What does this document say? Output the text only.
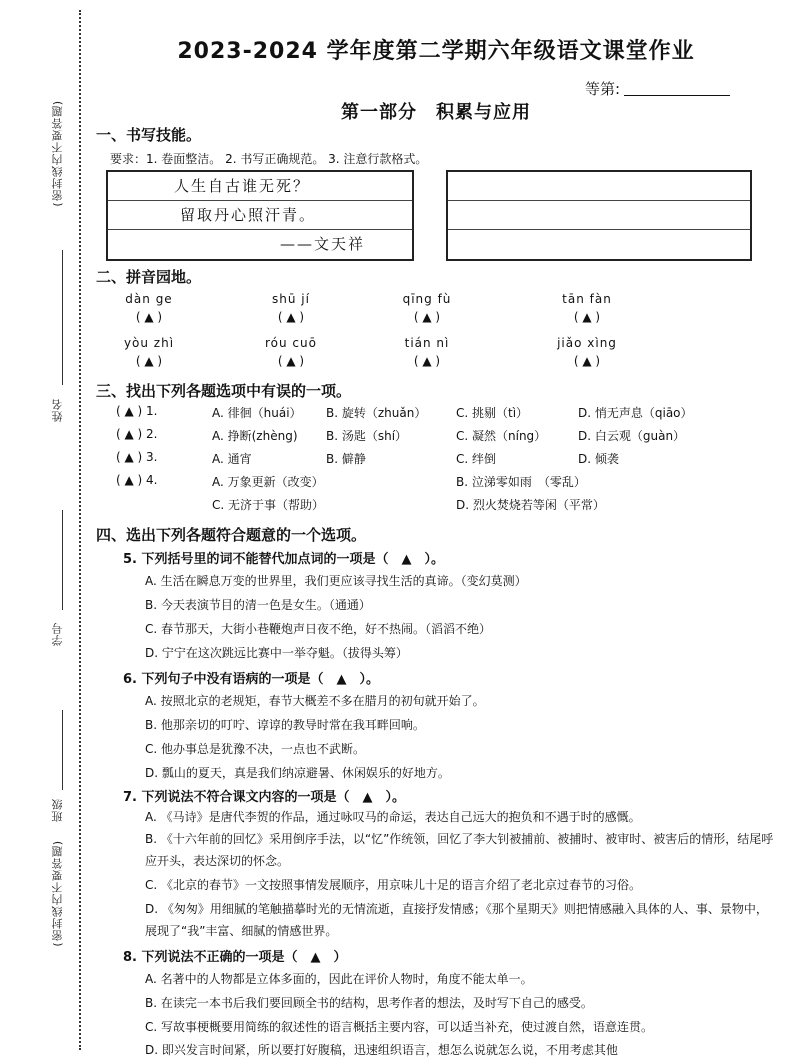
(密封线内不要答题)
姓名
学号
班级
(密封线内不要答题)
2023-2024 学年度第二学期六年级语文课堂作业
等第:
第一部分　积累与应用
一、书写技能。
要求：1. 卷面整洁。 2. 书写正确规范。 3. 注意行款格式。
人生自古谁无死？
留取丹心照汗青。
——文天祥
二、拼音园地。
dàn ge
( ▲ )
shū jí
( ▲ )
qīng fù
( ▲ )
tān fàn
( ▲ )
yòu zhì
( ▲ )
róu cuō
( ▲ )
tián nì
( ▲ )
jiǎo xìng
( ▲ )
三、找出下列各题选项中有误的一项。
( ▲ ) 1.	A. 徘徊（huái） B. 旋转（zhuǎn） C. 挑剔（tì）	D. 悄无声息（qiāo）
( ▲ ) 2.	A. 挣断(zhèng) B. 汤匙（shí）	C. 凝然（níng）	D. 白云观（guàn）
( ▲ ) 3.	A. 通宵	B. 僻静	C. 绊倒	D. 倾袭
( ▲ ) 4.	A. 万象更新（改变）	B. 泣涕零如雨　（零乱）
C. 无济于事（帮助）	D. 烈火焚烧若等闲（平常）
四、选出下列各题符合题意的一个选项。
5. 下列括号里的词不能替代加点词的一项是（　▲　）。
A. 生活在瞬息万变的世界里，我们更应该寻找生活的真谛。（变幻莫测）
B. 今天表演节目的清一色是女生。（通通）
C. 春节那天，大街小巷鞭炮声日夜不绝，好不热闹。（滔滔不绝）
D. 宁宁在这次跳远比赛中一举夺魁。（拔得头筹）
6. 下列句子中没有语病的一项是（　▲　）。
A. 按照北京的老规矩，春节大概差不多在腊月的初旬就开始了。
B. 他那亲切的叮咛、谆谆的教导时常在我耳畔回响。
C. 他办事总是犹豫不决，一点也不武断。
D. 瓢山的夏天，真是我们纳凉避暑、休闲娱乐的好地方。
7. 下列说法不符合课文内容的一项是（　▲　）。
A. 《马诗》是唐代李贺的作品，通过咏叹马的命运，表达自己远大的抱负和不遇于时的感慨。
B. 《十六年前的回忆》采用倒序手法，以“忆”作统领，回忆了李大钊被捕前、被捕时、被审时、被害后的情形，结尾呼应开头，表达深切的怀念。
C. 《北京的春节》一文按照事情发展顺序，用京味儿十足的语言介绍了老北京过春节的习俗。
D. 《匆匆》用细腻的笔触描摹时光的无情流逝，直接抒发情感；《那个星期天》则把情感融入具体的人、事、景物中，展现了“我”丰富、细腻的情感世界。
8. 下列说法不正确的一项是（　▲　）
A. 名著中的人物都是立体多面的，因此在评价人物时，角度不能太单一。
B. 在读完一本书后我们要回顾全书的结构，思考作者的想法，及时写下自己的感受。
C. 写故事梗概要用简练的叙述性的语言概括主要内容，可以适当补充，使过渡自然，语意连贯。
D. 即兴发言时间紧，所以要打好腹稿，迅速组织语言，想怎么说就怎么说，不用考虑其他
